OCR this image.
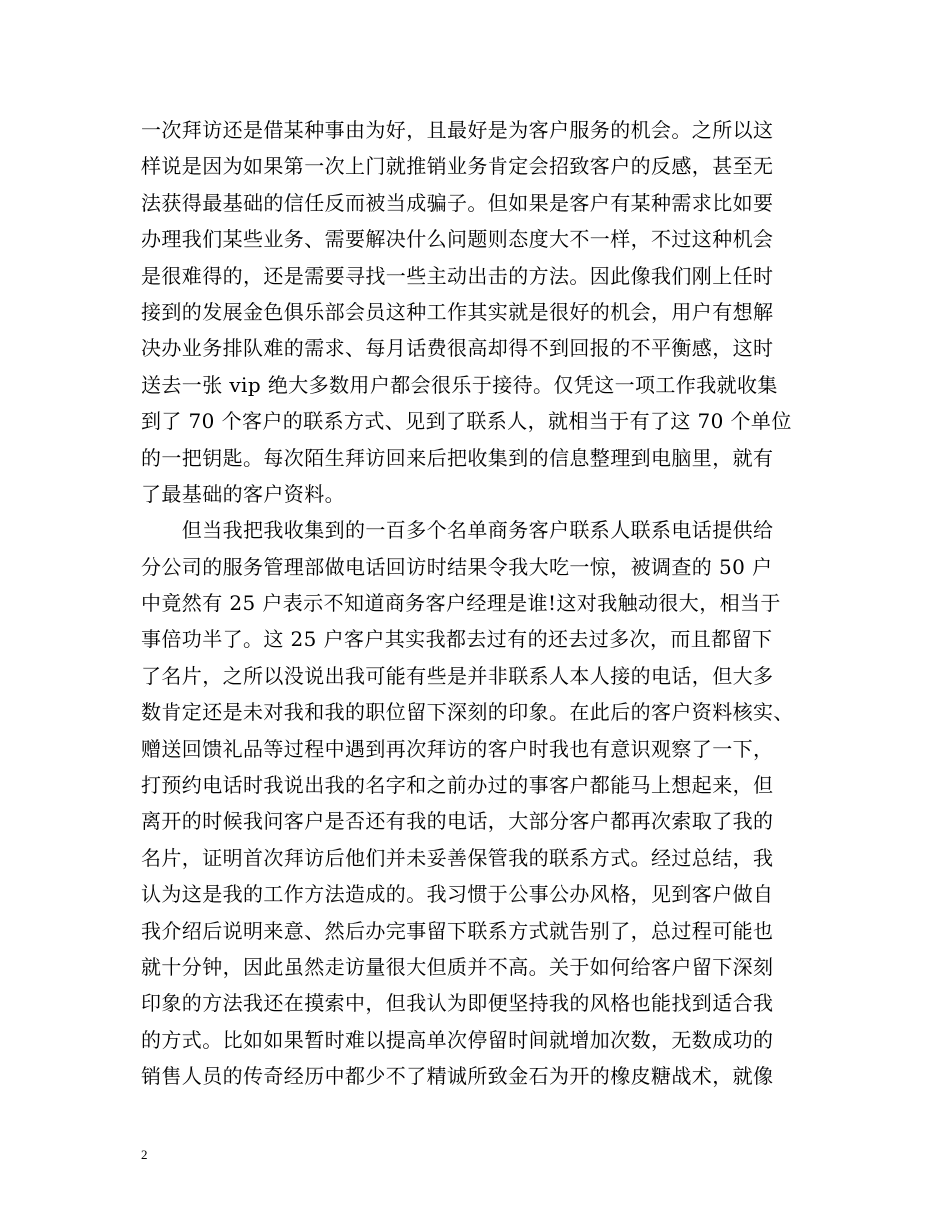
一次拜访还是借某种事由为好，且最好是为客户服务的机会。之所以这
样说是因为如果第一次上门就推销业务肯定会招致客户的反感，甚至无
法获得最基础的信任反而被当成骗子。但如果是客户有某种需求比如要
办理我们某些业务、需要解决什么问题则态度大不一样，不过这种机会
是很难得的，还是需要寻找一些主动出击的方法。因此像我们刚上任时
接到的发展金色俱乐部会员这种工作其实就是很好的机会，用户有想解
决办业务排队难的需求、每月话费很高却得不到回报的不平衡感，这时
送去一张 vip 绝大多数用户都会很乐于接待。仅凭这一项工作我就收集
到了 70 个客户的联系方式、见到了联系人，就相当于有了这 70 个单位
的一把钥匙。每次陌生拜访回来后把收集到的信息整理到电脑里，就有
了最基础的客户资料。
　　但当我把我收集到的一百多个名单商务客户联系人联系电话提供给
分公司的服务管理部做电话回访时结果令我大吃一惊，被调查的 50 户
中竟然有 25 户表示不知道商务客户经理是谁!这对我触动很大，相当于
事倍功半了。这 25 户客户其实我都去过有的还去过多次，而且都留下
了名片，之所以没说出我可能有些是并非联系人本人接的电话，但大多
数肯定还是未对我和我的职位留下深刻的印象。在此后的客户资料核实、
赠送回馈礼品等过程中遇到再次拜访的客户时我也有意识观察了一下，
打预约电话时我说出我的名字和之前办过的事客户都能马上想起来，但
离开的时候我问客户是否还有我的电话，大部分客户都再次索取了我的
名片，证明首次拜访后他们并未妥善保管我的联系方式。经过总结，我
认为这是我的工作方法造成的。我习惯于公事公办风格，见到客户做自
我介绍后说明来意、然后办完事留下联系方式就告别了，总过程可能也
就十分钟，因此虽然走访量很大但质并不高。关于如何给客户留下深刻
印象的方法我还在摸索中，但我认为即便坚持我的风格也能找到适合我
的方式。比如如果暂时难以提高单次停留时间就增加次数，无数成功的
销售人员的传奇经历中都少不了精诚所致金石为开的橡皮糖战术，就像
2
